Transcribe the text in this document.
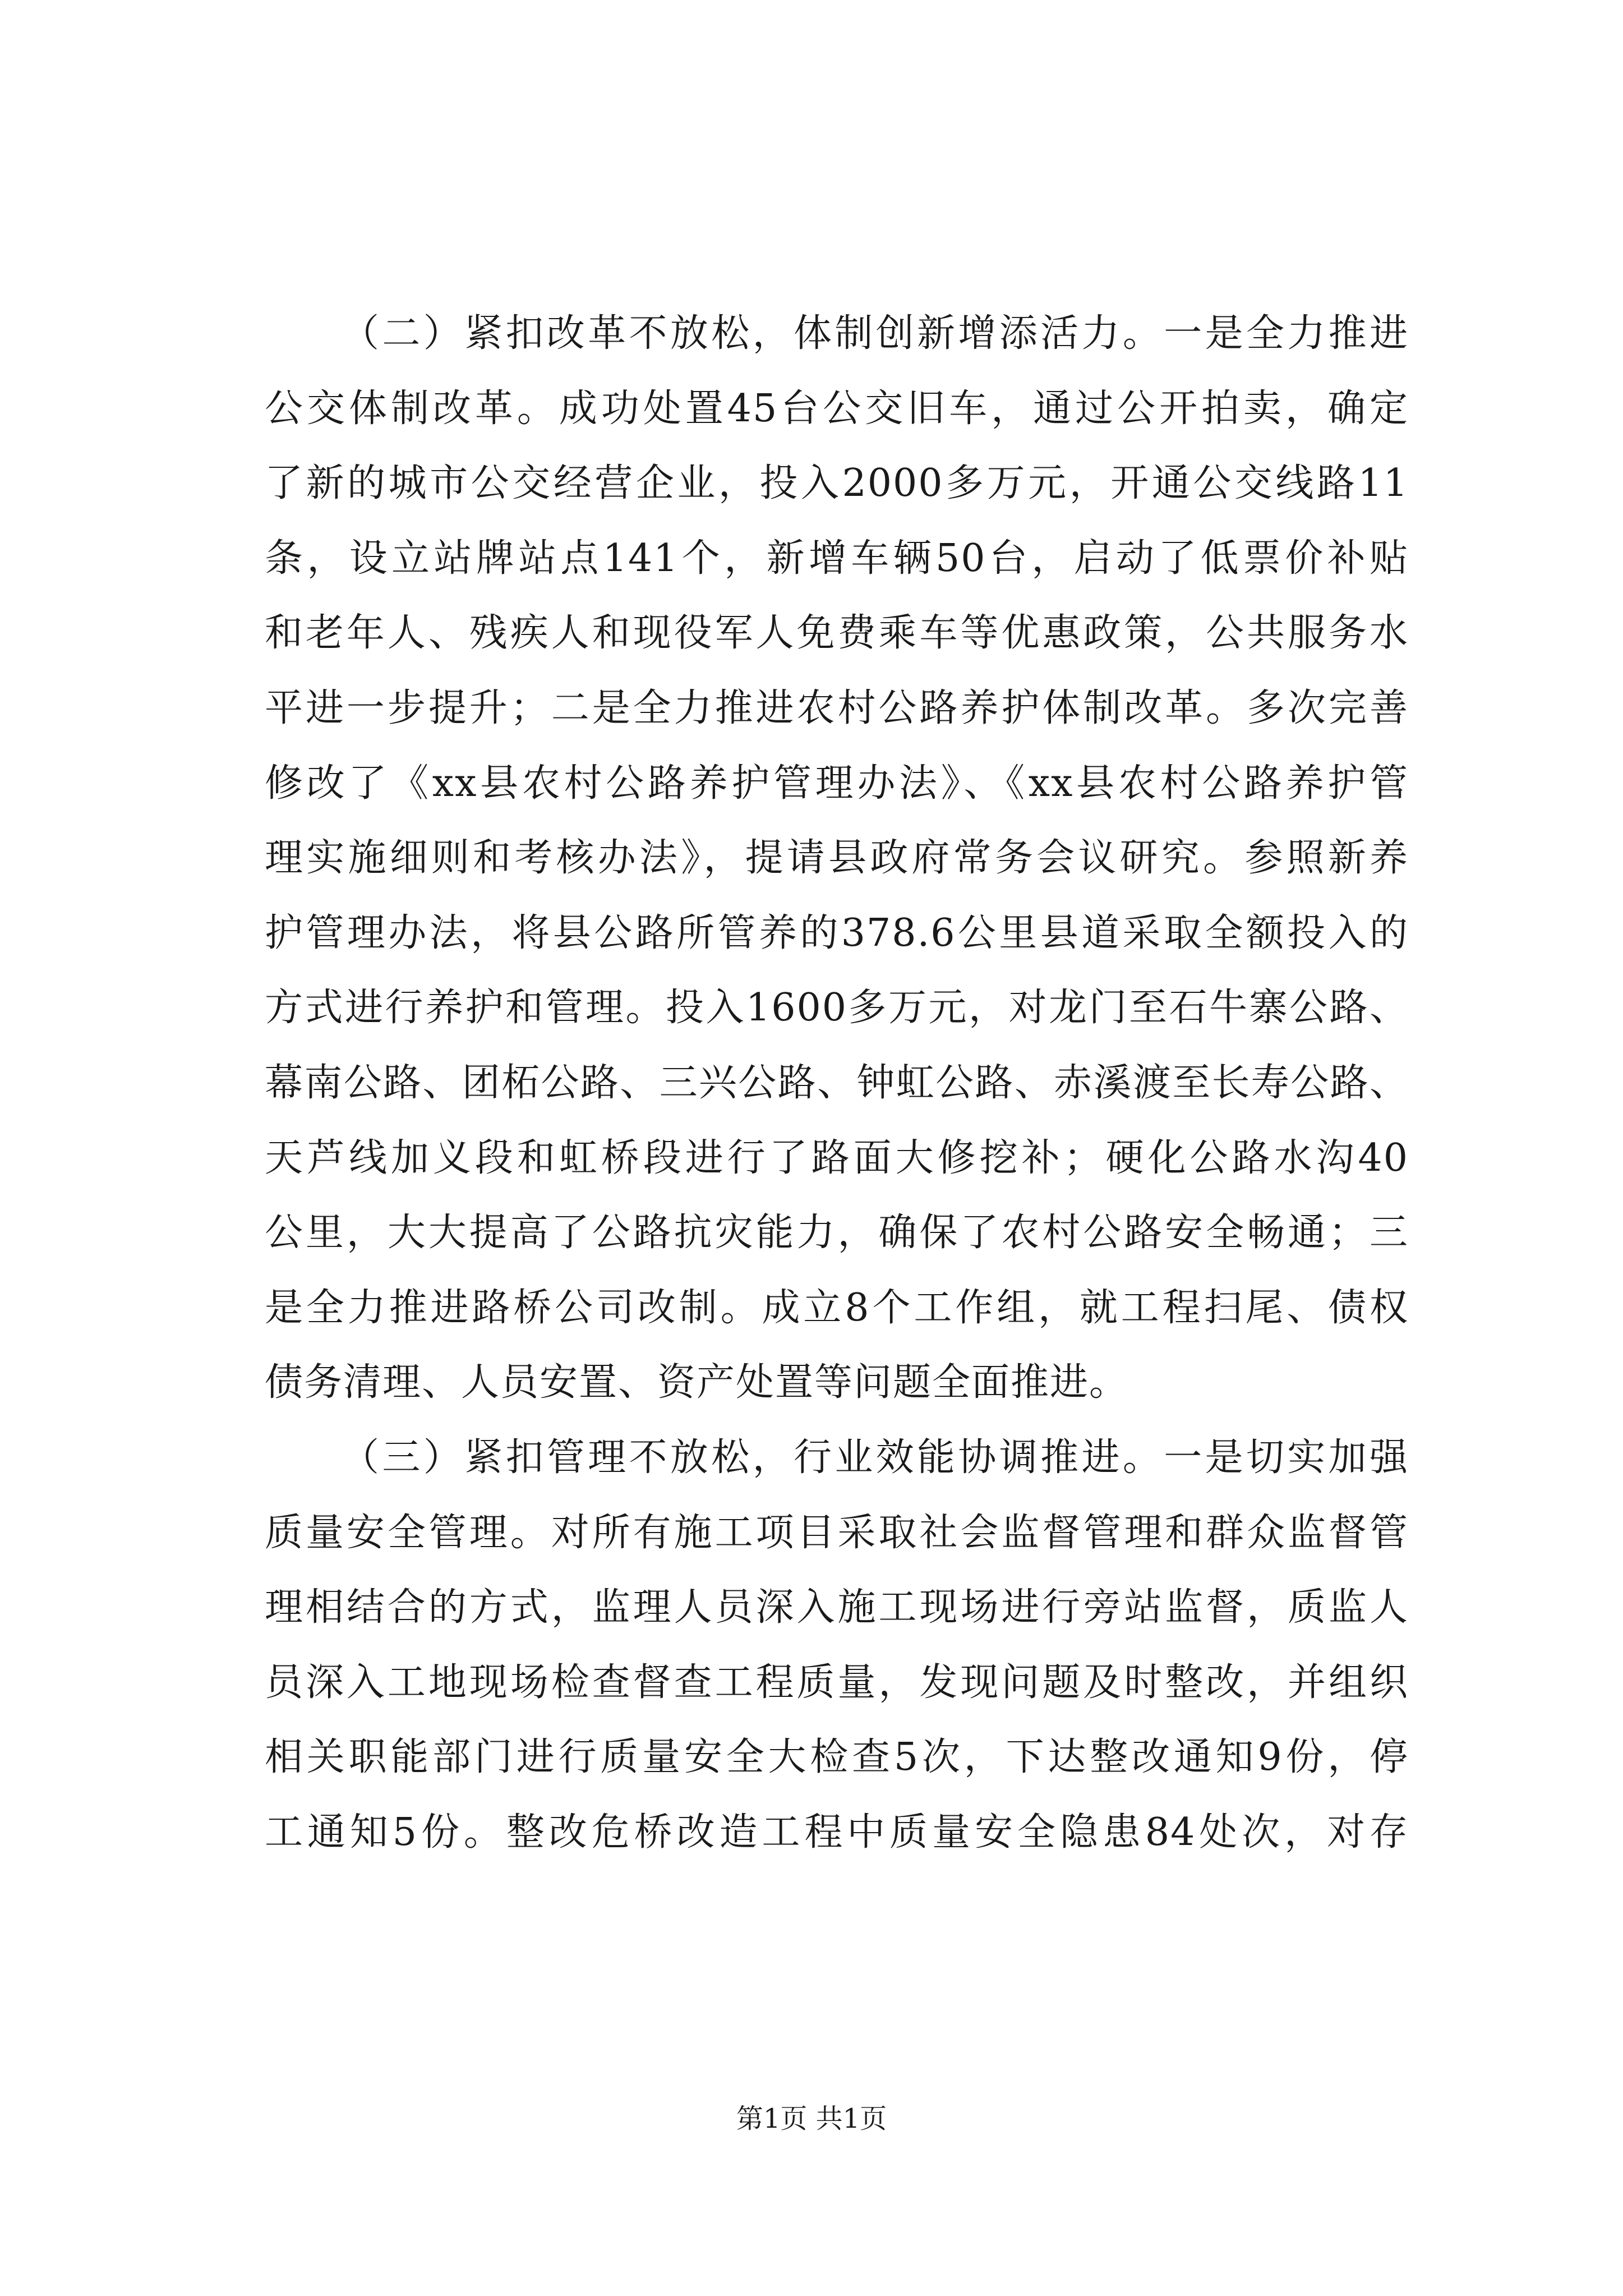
（二）紧扣改革不放松，体制创新增添活力。一是全力推进
公交体制改革。成功处置45台公交旧车，通过公开拍卖，确定
了新的城市公交经营企业，投入2000多万元，开通公交线路11
条，设立站牌站点141个，新增车辆50台，启动了低票价补贴
和老年人、残疾人和现役军人免费乘车等优惠政策，公共服务水
平进一步提升；二是全力推进农村公路养护体制改革。多次完善
修改了《xx县农村公路养护管理办法》、《xx县农村公路养护管
理实施细则和考核办法》，提请县政府常务会议研究。参照新养
护管理办法，将县公路所管养的378.6公里县道采取全额投入的
方式进行养护和管理。投入1600多万元，对龙门至石牛寨公路、
幕南公路、团柘公路、三兴公路、钟虹公路、赤溪渡至长寿公路、
天芦线加义段和虹桥段进行了路面大修挖补；硬化公路水沟40
公里，大大提高了公路抗灾能力，确保了农村公路安全畅通；三
是全力推进路桥公司改制。成立8个工作组，就工程扫尾、债权
债务清理、人员安置、资产处置等问题全面推进。
（三）紧扣管理不放松，行业效能协调推进。一是切实加强
质量安全管理。对所有施工项目采取社会监督管理和群众监督管
理相结合的方式，监理人员深入施工现场进行旁站监督，质监人
员深入工地现场检查督查工程质量，发现问题及时整改，并组织
相关职能部门进行质量安全大检查5次，下达整改通知9份，停
工通知5份。整改危桥改造工程中质量安全隐患84处次，对存
第1页 共1页
